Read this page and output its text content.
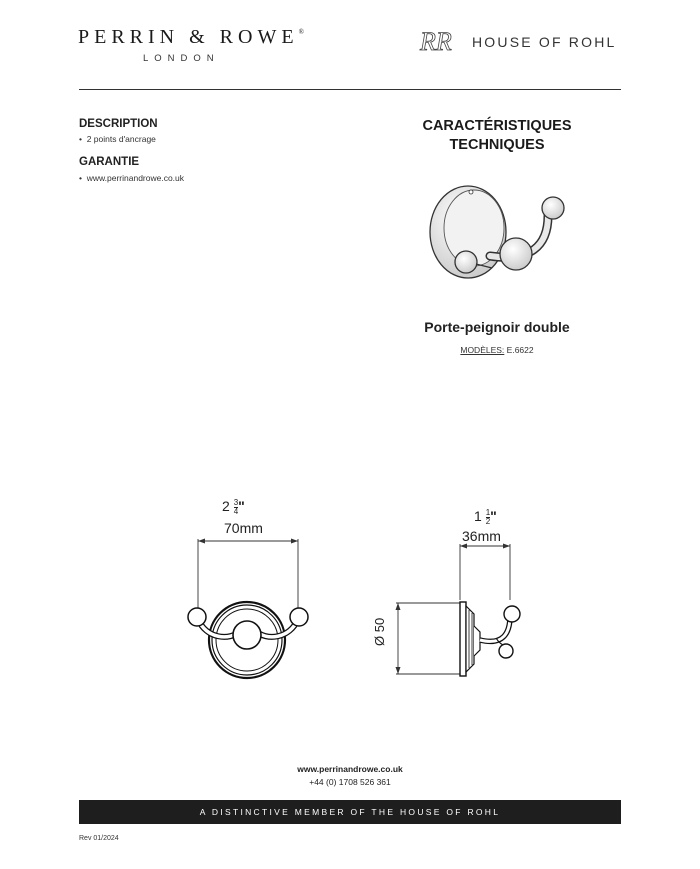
PERRIN & ROWE®
LONDON
RR HOUSE OF ROHL
DESCRIPTION
•  2 points d'ancrage
GARANTIE
•  www.perrinandrowe.co.uk
CARACTÉRISTIQUES
TECHNIQUES
Porte-peignoir double
MODÈLES: E.6622
$2 \frac{3}{4}$ "
70mm
$1 \frac{1}{2}$ "
36mm
Ø 50
www.perrinandrowe.co.uk
+44 (0) 1708 526 361
A DISTINCTIVE MEMBER OF THE HOUSE OF ROHL
Rev 01/2024
